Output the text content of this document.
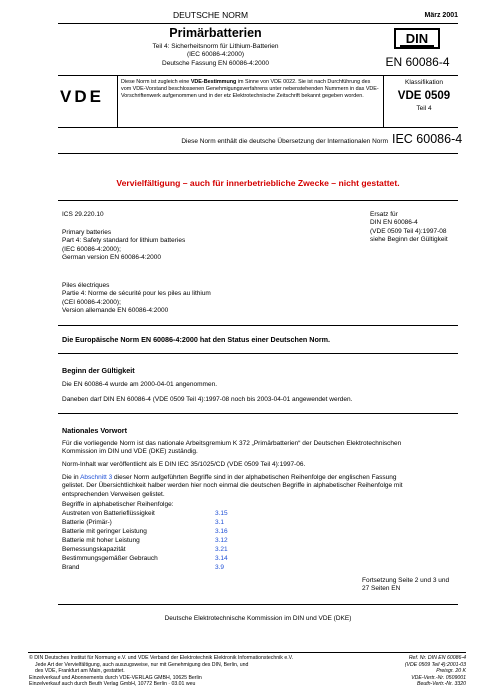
DEUTSCHE NORM	März 2001
Primärbatterien
Teil 4: Sicherheitsnorm für Lithium-Batterien
(IEC 60086-4:2000)
Deutsche Fassung EN 60086-4:2000
DIN
EN 60086-4
VDE
Diese Norm ist zugleich eine VDE-Bestimmung im Sinne von VDE 0022. Sie ist nach Durchführung des vom VDE-Vorstand beschlossenen Genehmigungsverfahrens unter nebenstehenden Nummern in das VDE-Vorschriftenwerk aufgenommen und in der etz Elektrotechnische Zeitschrift bekannt gegeben worden.
Klassifikation
VDE 0509
Teil 4
Diese Norm enthält die deutsche Übersetzung der Internationalen Norm IEC 60086-4
Vervielfältigung – auch für innerbetriebliche Zwecke – nicht gestattet.
ICS 29.220.10
Primary batteries
Part 4: Safety standard for lithium batteries
(IEC 60086-4:2000);
German version EN 60086-4:2000
Piles électriques
Partie 4: Norme de sécurité pour les piles au lithium
(CEI 60086-4:2000);
Version allemande EN 60086-4:2000
Ersatz für
DIN EN 60086-4
(VDE 0509 Teil 4):1997-08
siehe Beginn der Gültigkeit
Die Europäische Norm EN 60086-4:2000 hat den Status einer Deutschen Norm.
Beginn der Gültigkeit
Die EN 60086-4 wurde am 2000-04-01 angenommen.
Daneben darf DIN EN 60086-4 (VDE 0509 Teil 4):1997-08 noch bis 2003-04-01 angewendet werden.
Nationales Vorwort
Für die vorliegende Norm ist das nationale Arbeitsgremium K 372 „Primärbatterien“ der Deutschen Elektrotechnischen
Kommission im DIN und VDE (DKE) zuständig.
Norm-Inhalt war veröffentlicht als E DIN IEC 35/1025/CD (VDE 0509 Teil 4):1997-06.
Die in Abschnitt 3 dieser Norm aufgeführten Begriffe sind in der alphabetischen Reihenfolge der englischen Fassung
gelistet. Der Übersichtlichkeit halber werden hier noch einmal die deutschen Begriffe in alphabetischer Reihenfolge mit
entsprechenden Verweisen gelistet.
Begriffe in alphabetischer Reihenfolge:
Austreten von Batterieflüssigkeit	3.15
Batterie (Primär-)	3.1
Batterie mit geringer Leistung	3.16
Batterie mit hoher Leistung	3.12
Bemessungskapazität	3.21
Bestimmungsgemäßer Gebrauch	3.14
Brand	3.9
Fortsetzung Seite 2 und 3 und
27 Seiten EN
Deutsche Elektrotechnische Kommission im DIN und VDE (DKE)
© DIN Deutsches Institut für Normung e.V. und VDE Verband der Elektrotechnik Elektronik Informationstechnik e.V.
Jede Art der Vervielfältigung, auch auszugsweise, nur mit Genehmigung des DIN, Berlin, und
des VDE, Frankfurt am Main, gestattet.
Einzelverkauf und Abonnements durch VDE-VERLAG GMBH, 10625 Berlin
Einzelverkauf auch durch Beuth Verlag GmbH, 10772 Berlin · 03.01 weu
Ref. Nr. DIN EN 60086-4
(VDE 0509 Teil 4):2001-03
Preisgr. 20 K
VDE-Vertr.-Nr. 0509001
Beuth-Vertr.-Nr. 3320
